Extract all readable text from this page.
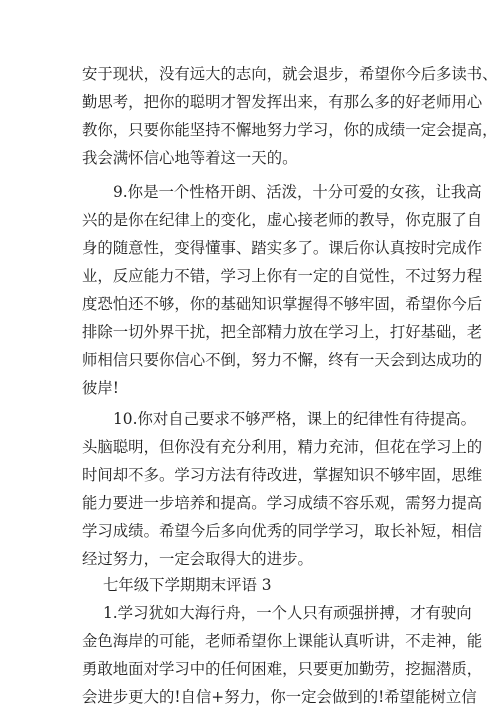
安于现状，没有远大的志向，就会退步，希望你今后多读书、
勤思考，把你的聪明才智发挥出来，有那么多的好老师用心
教你，只要你能坚持不懈地努力学习，你的成绩一定会提高，
我会满怀信心地等着这一天的。
9.你是一个性格开朗、活泼，十分可爱的女孩，让我高
兴的是你在纪律上的变化，虚心接老师的教导，你克服了自
身的随意性，变得懂事、踏实多了。课后你认真按时完成作
业，反应能力不错，学习上你有一定的自觉性，不过努力程
度恐怕还不够，你的基础知识掌握得不够牢固，希望你今后
排除一切外界干扰，把全部精力放在学习上，打好基础，老
师相信只要你信心不倒，努力不懈，终有一天会到达成功的
彼岸!
10.你对自己要求不够严格，课上的纪律性有待提高。
头脑聪明，但你没有充分利用，精力充沛，但花在学习上的
时间却不多。学习方法有待改进，掌握知识不够牢固，思维
能力要进一步培养和提高。学习成绩不容乐观，需努力提高
学习成绩。希望今后多向优秀的同学学习，取长补短，相信
经过努力，一定会取得大的进步。
七年级下学期期末评语 3
1.学习犹如大海行舟，一个人只有顽强拼搏，才有驶向
金色海岸的可能，老师希望你上课能认真听讲，不走神，能
勇敢地面对学习中的任何困难，只要更加勤劳，挖掘潜质，
会进步更大的!自信+努力，你一定会做到的!希望能树立信
